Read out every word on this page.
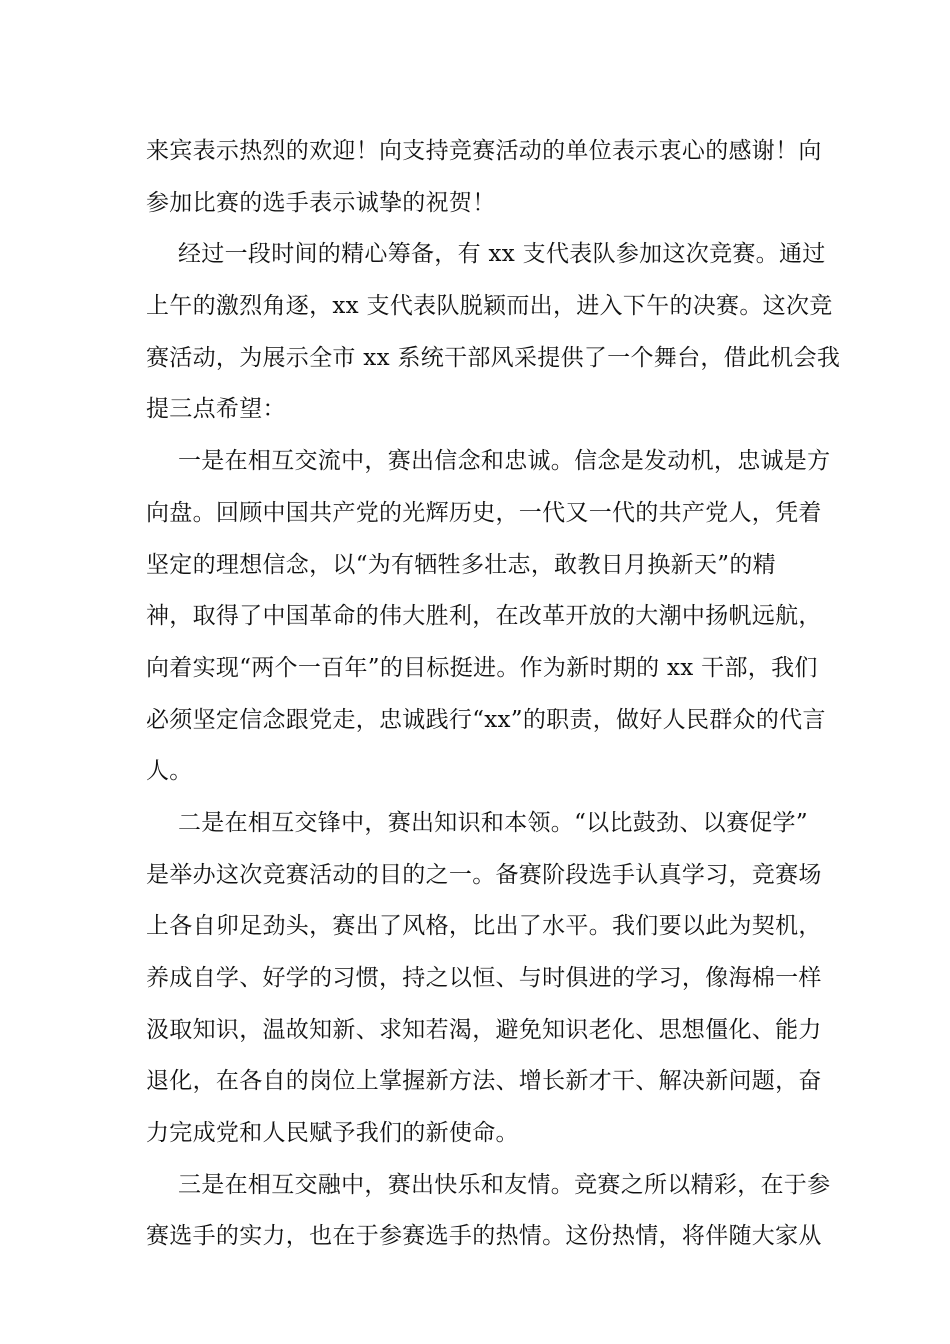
来宾表示热烈的欢迎！向支持竞赛活动的单位表示衷心的感谢！向
参加比赛的选手表示诚挚的祝贺！
经过一段时间的精心筹备，有 xx 支代表队参加这次竞赛。通过
上午的激烈角逐，xx 支代表队脱颖而出，进入下午的决赛。这次竞
赛活动，为展示全市 xx 系统干部风采提供了一个舞台，借此机会我
提三点希望：
一是在相互交流中，赛出信念和忠诚。信念是发动机，忠诚是方
向盘。回顾中国共产党的光辉历史，一代又一代的共产党人，凭着
坚定的理想信念，以“为有牺牲多壮志，敢教日月换新天”的精
神，取得了中国革命的伟大胜利，在改革开放的大潮中扬帆远航，
向着实现“两个一百年”的目标挺进。作为新时期的 xx 干部，我们
必须坚定信念跟党走，忠诚践行“xx”的职责，做好人民群众的代言
人。
二是在相互交锋中，赛出知识和本领。“以比鼓劲、以赛促学”
是举办这次竞赛活动的目的之一。备赛阶段选手认真学习，竞赛场
上各自卯足劲头，赛出了风格，比出了水平。我们要以此为契机，
养成自学、好学的习惯，持之以恒、与时俱进的学习，像海棉一样
汲取知识，温故知新、求知若渴，避免知识老化、思想僵化、能力
退化，在各自的岗位上掌握新方法、增长新才干、解决新问题，奋
力完成党和人民赋予我们的新使命。
三是在相互交融中，赛出快乐和友情。竞赛之所以精彩，在于参
赛选手的实力，也在于参赛选手的热情。这份热情，将伴随大家从
